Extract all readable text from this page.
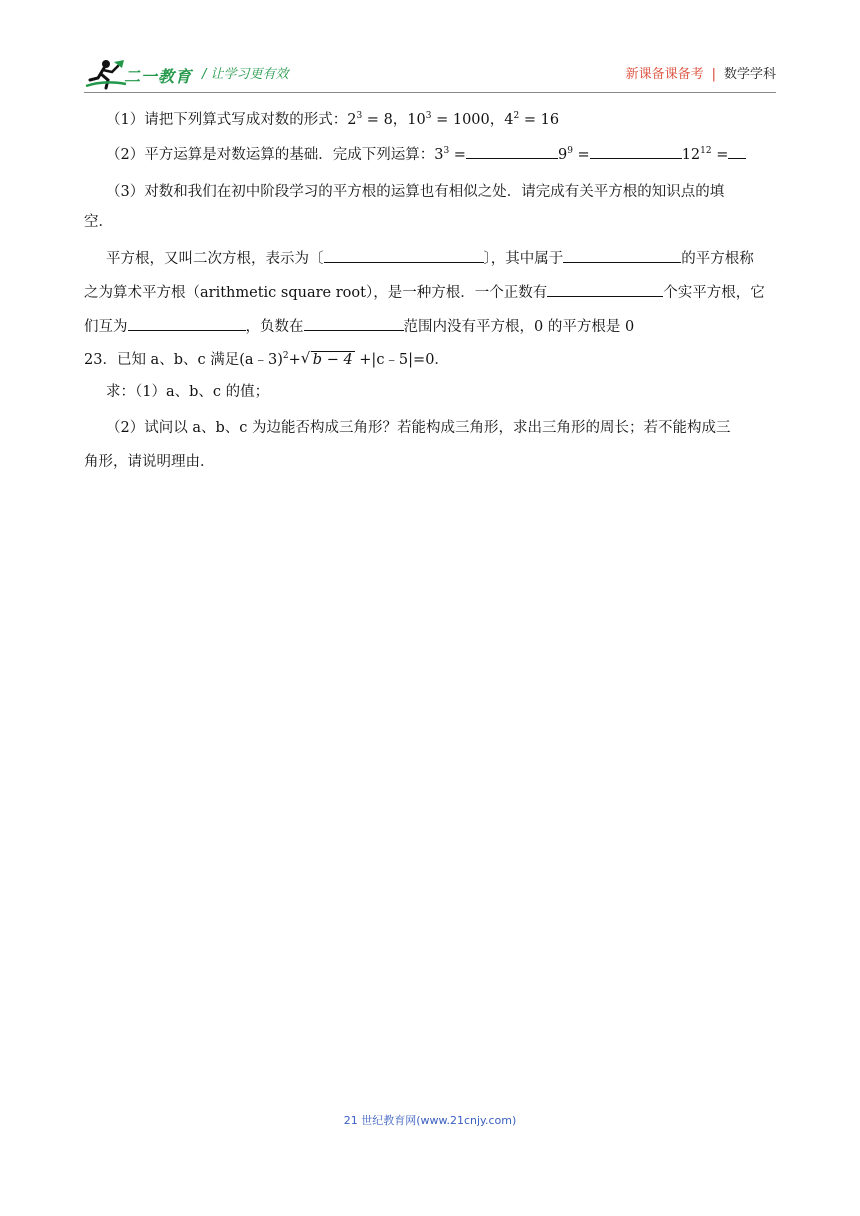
二一教育 / 让学习更有效	新课备课备考 | 数学学科
（1）请把下列算式写成对数的形式：$2^3 = 8$，$10^3 = 1000$，$4^2 = 16$
（2）平方运算是对数运算的基础．完成下列运算：$3^3$ =	$9^9$ =	$12^{12}$ =
（3）对数和我们在初中阶段学习的平方根的运算也有相似之处．请完成有关平方根的知识点的填
空．
平方根，又叫二次方根，表示为〔	〕，其中属于	的平方根称
之为算术平方根（arithmetic square root），是一种方根．一个正数有	个实平方根，它
们互为	，负数在	范围内没有平方根，0 的平方根是 0
23．已知 a、b、c 满足(a﹣3)$^2$+ √ b − 4 +|c﹣5|=0．
求：（1）a、b、c 的值；
（2）试问以 a、b、c 为边能否构成三角形？若能构成三角形，求出三角形的周长；若不能构成三
角形，请说明理由．
21 世纪教育网(www.21cnjy.com)
